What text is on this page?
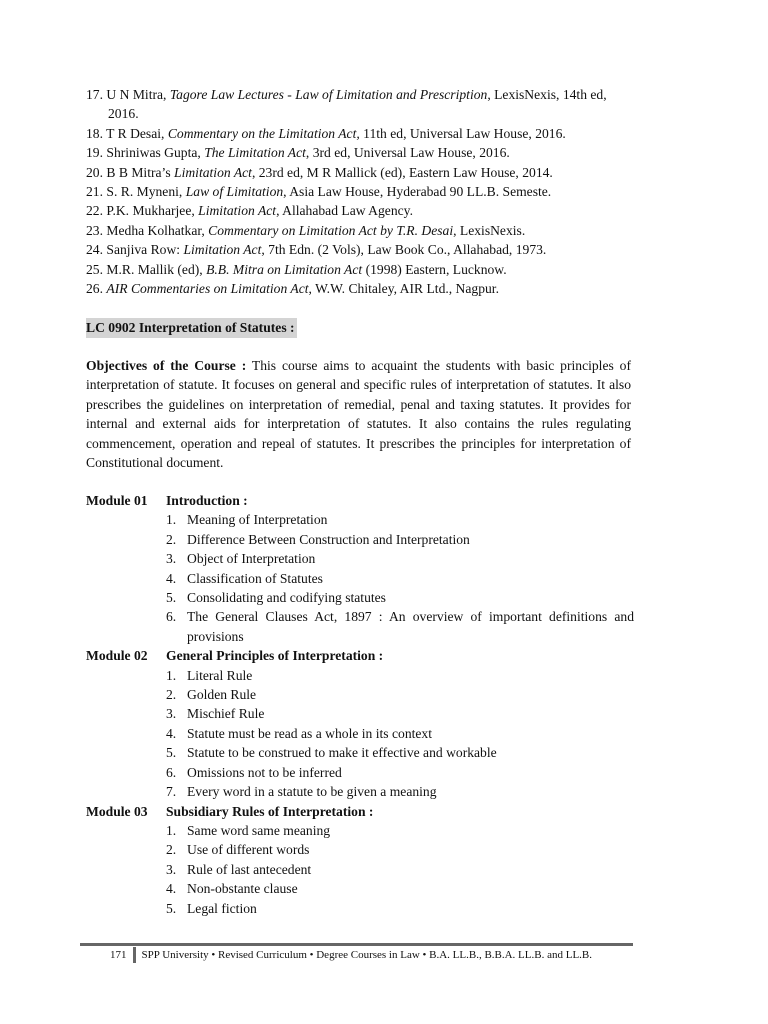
17. U N Mitra, Tagore Law Lectures - Law of Limitation and Prescription, LexisNexis, 14th ed, 2016.
18. T R Desai, Commentary on the Limitation Act, 11th ed, Universal Law House, 2016.
19. Shriniwas Gupta, The Limitation Act, 3rd ed, Universal Law House, 2016.
20. B B Mitra’s Limitation Act, 23rd ed, M R Mallick (ed), Eastern Law House, 2014.
21. S. R. Myneni, Law of Limitation, Asia Law House, Hyderabad 90 LL.B. Semeste.
22. P.K. Mukharjee, Limitation Act, Allahabad Law Agency.
23. Medha Kolhatkar, Commentary on Limitation Act by T.R. Desai, LexisNexis.
24. Sanjiva Row: Limitation Act, 7th Edn. (2 Vols), Law Book Co., Allahabad, 1973.
25. M.R. Mallik (ed), B.B. Mitra on Limitation Act (1998) Eastern, Lucknow.
26. AIR Commentaries on Limitation Act, W.W. Chitaley, AIR Ltd., Nagpur.
LC 0902 Interpretation of Statutes :
Objectives of the Course : This course aims to acquaint the students with basic principles of interpretation of statute. It focuses on general and specific rules of interpretation of statutes. It also prescribes the guidelines on interpretation of remedial, penal and taxing statutes. It provides for internal and external aids for interpretation of statutes. It also contains the rules regulating commencement, operation and repeal of statutes. It prescribes the principles for interpretation of Constitutional document.
Module 01	Introduction :
1. Meaning of Interpretation
2. Difference Between Construction and Interpretation
3. Object of Interpretation
4. Classification of Statutes
5. Consolidating and codifying statutes
6. The General Clauses Act, 1897 : An overview of important definitions and provisions
Module 02	General Principles of Interpretation :
1. Literal Rule
2. Golden Rule
3. Mischief Rule
4. Statute must be read as a whole in its context
5. Statute to be construed to make it effective and workable
6. Omissions not to be inferred
7. Every word in a statute to be given a meaning
Module 03	Subsidiary Rules of Interpretation :
1. Same word same meaning
2. Use of different words
3. Rule of last antecedent
4. Non-obstante clause
5. Legal fiction
171	SPP University • Revised Curriculum • Degree Courses in Law • B.A. LL.B., B.B.A. LL.B. and LL.B.
